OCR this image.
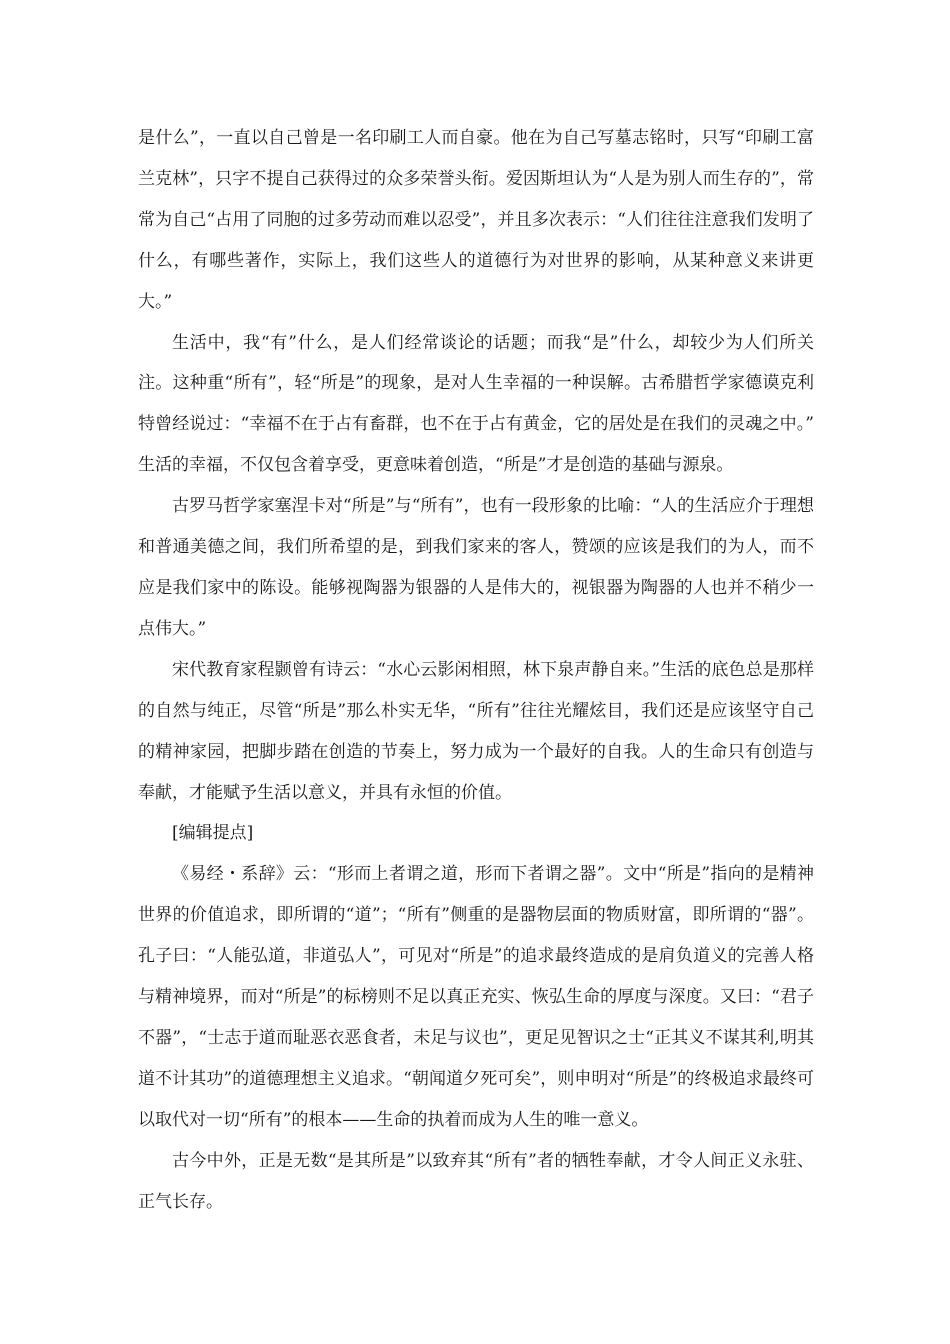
是什么”，一直以自己曾是一名印刷工人而自豪。他在为自己写墓志铭时，只写“印刷工富兰克林”，只字不提自己获得过的众多荣誉头衔。爱因斯坦认为“人是为别人而生存的”，常常为自己“占用了同胞的过多劳动而难以忍受”，并且多次表示：“人们往往注意我们发明了什么，有哪些著作，实际上，我们这些人的道德行为对世界的影响，从某种意义来讲更大。”

生活中，我“有”什么，是人们经常谈论的话题；而我“是”什么，却较少为人们所关注。这种重“所有”，轻“所是”的现象，是对人生幸福的一种误解。古希腊哲学家德谟克利特曾经说过：“幸福不在于占有畜群，也不在于占有黄金，它的居处是在我们的灵魂之中。” 生活的幸福，不仅包含着享受，更意味着创造，“所是”才是创造的基础与源泉。

古罗马哲学家塞涅卡对“所是”与“所有”，也有一段形象的比喻：“人的生活应介于理想和普通美德之间，我们所希望的是，到我们家来的客人，赞颂的应该是我们的为人，而不应是我们家中的陈设。能够视陶器为银器的人是伟大的，视银器为陶器的人也并不稍少一点伟大。”

宋代教育家程颢曾有诗云：“水心云影闲相照，林下泉声静自来。”生活的底色总是那样的自然与纯正，尽管“所是”那么朴实无华，“所有”往往光耀炫目，我们还是应该坚守自己的精神家园，把脚步踏在创造的节奏上，努力成为一个最好的自我。人的生命只有创造与奉献，才能赋予生活以意义，并具有永恒的价值。

[编辑提点]

《易经・系辞》云：“形而上者谓之道，形而下者谓之器”。文中“所是”指向的是精神世界的价值追求，即所谓的“道”；“所有”侧重的是器物层面的物质财富，即所谓的“器”。孔子曰：“人能弘道，非道弘人”，可见对“所是”的追求最终造成的是肩负道义的完善人格与精神境界，而对“所是”的标榜则不足以真正充实、恢弘生命的厚度与深度。又曰：“君子不器”，“士志于道而耻恶衣恶食者，未足与议也”，更足见智识之士“正其义不谋其利,明其道不计其功”的道德理想主义追求。“朝闻道夕死可矣”，则申明对“所是”的终极追求最终可以取代对一切“所有”的根本——生命的执着而成为人生的唯一意义。

古今中外，正是无数“是其所是”以致弃其“所有”者的牺牲奉献，才令人间正义永驻、正气长存。
